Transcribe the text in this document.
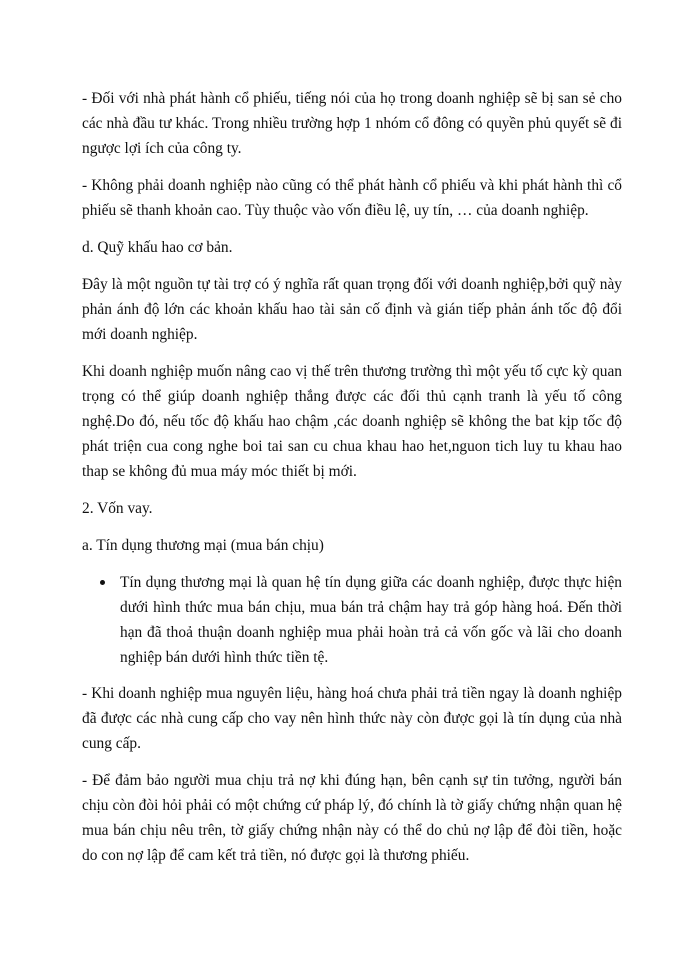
- Đối với nhà phát hành cổ phiếu, tiếng nói của họ trong doanh nghiệp sẽ bị san sẻ cho các nhà đầu tư khác. Trong nhiều trường hợp 1 nhóm cổ đông có quyền phủ quyết sẽ đi ngược lợi ích của công ty.

- Không phải doanh nghiệp nào cũng có thể phát hành cổ phiếu và khi phát hành thì cổ phiếu sẽ thanh khoản cao. Tùy thuộc vào vốn điều lệ, uy tín, … của doanh nghiệp.

d. Quỹ khấu hao cơ bản.

Đây là một nguồn tự tài trợ có ý nghĩa rất quan trọng đối với doanh nghiệp,bởi quỹ này phản ánh độ lớn các khoản khấu hao tài sản cố định và gián tiếp phản ánh tốc độ đổi mới doanh nghiệp.

Khi doanh nghiệp muốn nâng cao vị thế trên thương trường thì một yếu tố cực kỳ quan trọng có thể giúp doanh nghiệp thắng được các đối thủ cạnh tranh là yếu tố công nghệ.Do đó, nếu tốc độ khấu hao chậm ,các doanh nghiệp sẽ không the bat kịp tốc độ phát triện cua cong nghe boi tai san cu chua khau hao het,nguon tich luy tu khau hao thap se không đủ mua máy móc thiết bị mới.

2. Vốn vay.

a. Tín dụng thương mại (mua bán chịu)

Tín dụng thương mại là quan hệ tín dụng giữa các doanh nghiệp, được thực hiện dưới hình thức mua bán chịu, mua bán trả chậm hay trả góp hàng hoá. Đến thời hạn đã thoả thuận doanh nghiệp mua phải hoàn trả cả vốn gốc và lãi cho doanh nghiệp bán dưới hình thức tiền tệ.

- Khi doanh nghiệp mua nguyên liệu, hàng hoá chưa phải trả tiền ngay là doanh nghiệp đã được các nhà cung cấp cho vay nên hình thức này còn được gọi là tín dụng của nhà cung cấp.

- Để đảm bảo người mua chịu trả nợ khi đúng hạn, bên cạnh sự tin tưởng, người bán chịu còn đòi hỏi phải có một chứng cứ pháp lý, đó chính là tờ giấy chứng nhận quan hệ mua bán chịu nêu trên, tờ giấy chứng nhận này có thể do chủ nợ lập để đòi tiền, hoặc do con nợ lập để cam kết trả tiền, nó được gọi là thương phiếu.
